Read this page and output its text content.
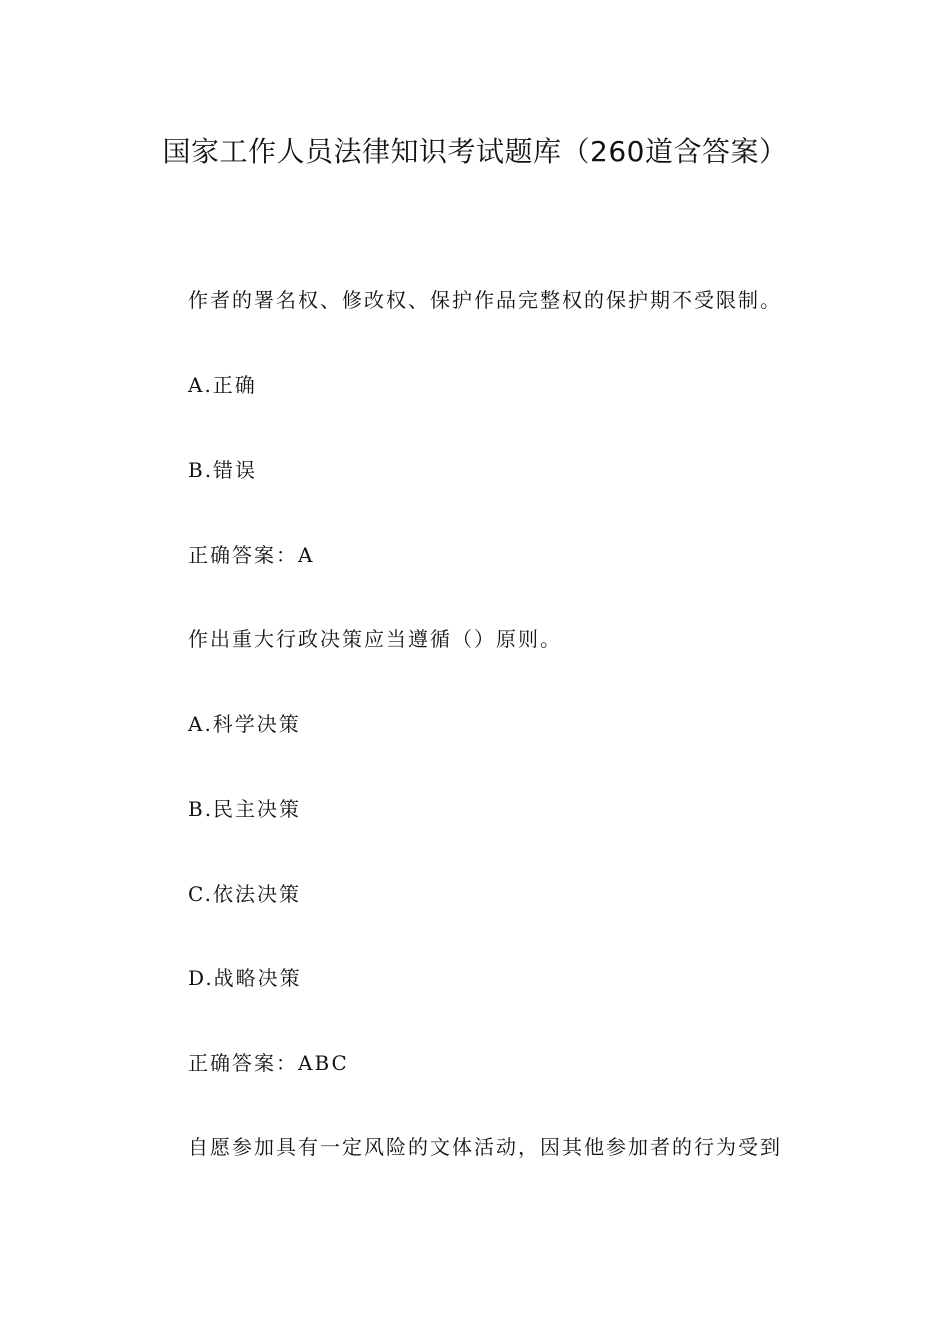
国家工作人员法律知识考试题库（260道含答案）
作者的署名权、修改权、保护作品完整权的保护期不受限制。
A.正确
B.错误
正确答案：A
作出重大行政决策应当遵循（）原则。
A.科学决策
B.民主决策
C.依法决策
D.战略决策
正确答案：ABC
自愿参加具有一定风险的文体活动，因其他参加者的行为受到
